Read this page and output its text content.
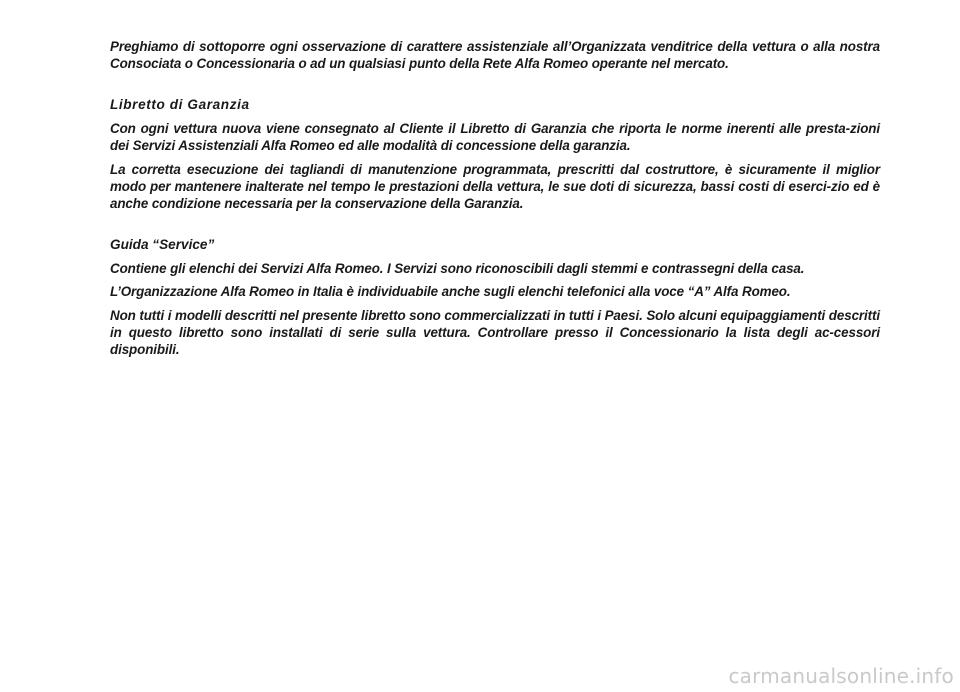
Preghiamo di sottoporre ogni osservazione di carattere assistenziale all’Organizzata venditrice della vettura o alla nostra Consociata o Concessionaria o ad un qualsiasi punto della Rete Alfa Romeo operante nel mercato.

Libretto di Garanzia

Con ogni vettura nuova viene consegnato al Cliente il Libretto di Garanzia che riporta le norme inerenti alle presta-zioni dei Servizi Assistenziali Alfa Romeo ed alle modalità di concessione della garanzia.

La corretta esecuzione dei tagliandi di manutenzione programmata, prescritti dal costruttore, è sicuramente il miglior modo per mantenere inalterate nel tempo le prestazioni della vettura, le sue doti di sicurezza, bassi costi di eserci-zio ed è anche condizione necessaria per la conservazione della Garanzia.

Guida “Service”

Contiene gli elenchi dei Servizi Alfa Romeo. I Servizi sono riconoscibili dagli stemmi e contrassegni della casa.

L’Organizzazione Alfa Romeo in Italia è individuabile anche sugli elenchi telefonici alla voce “A” Alfa Romeo.

Non tutti i modelli descritti nel presente libretto sono commercializzati in tutti i Paesi. Solo alcuni equipaggiamenti descritti in questo libretto sono installati di serie sulla vettura. Controllare presso il Concessionario la lista degli ac-cessori disponibili.

carmanualsonline.info
